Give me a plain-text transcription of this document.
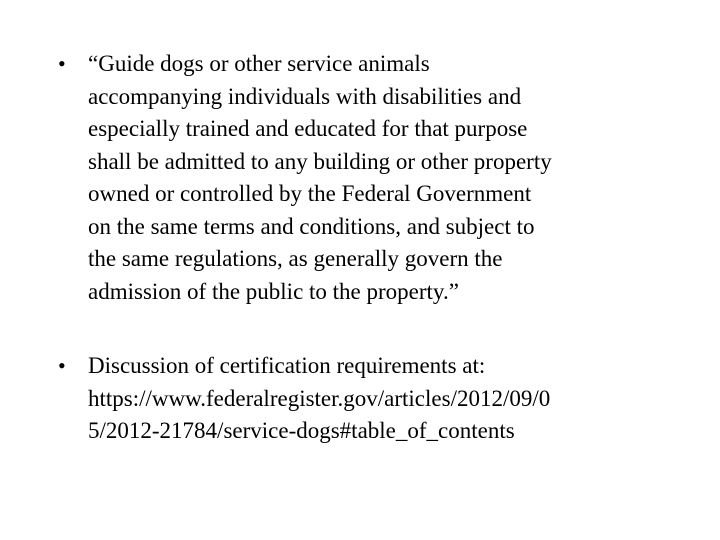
• “Guide dogs or other service animals
accompanying individuals with disabilities and
especially trained and educated for that purpose
shall be admitted to any building or other property
owned or controlled by the Federal Government
on the same terms and conditions, and subject to
the same regulations, as generally govern the
admission of the public to the property.”
• Discussion of certification requirements at:
https://www.federalregister.gov/articles/2012/09/0
5/2012-21784/service-dogs#table_of_contents
